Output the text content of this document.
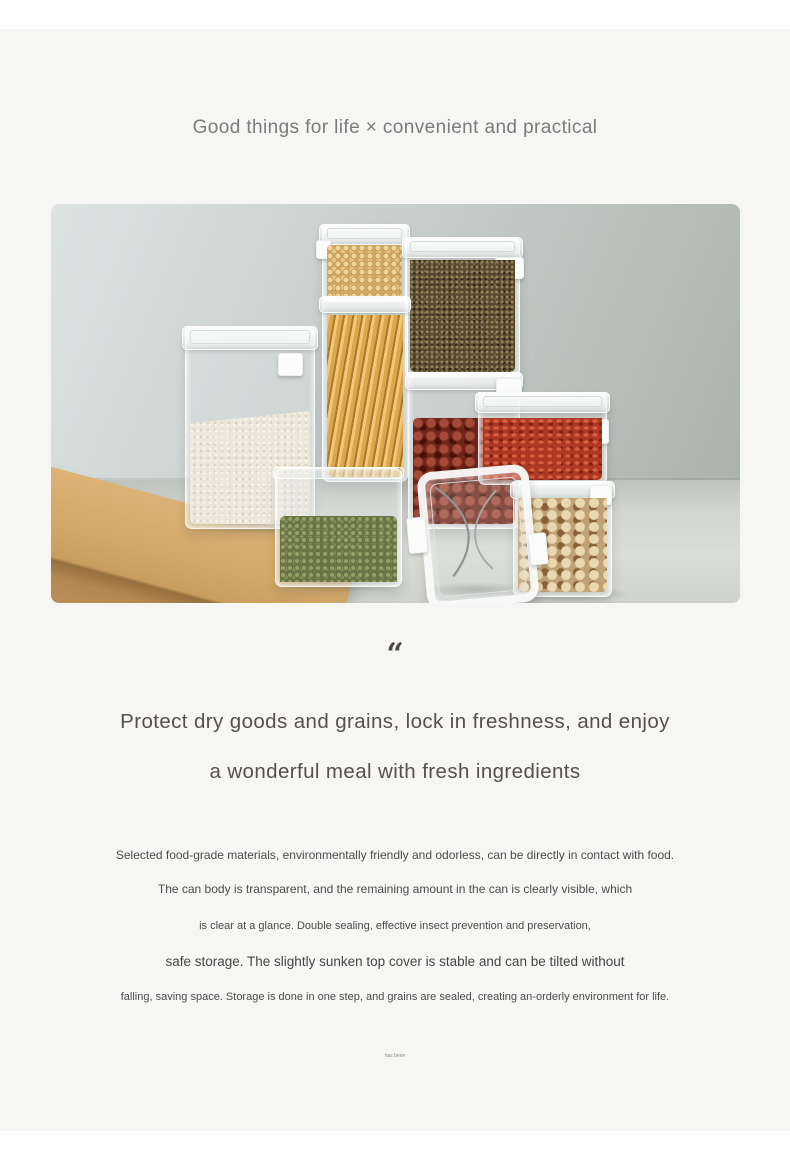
Good things for life × convenient and practical
“
Protect dry goods and grains, lock in freshness, and enjoy
a wonderful meal with fresh ingredients
Selected food-grade materials, environmentally friendly and odorless, can be directly in contact with food.
The can body is transparent, and the remaining amount in the can is clearly visible, which
is clear at a glance. Double sealing, effective insect prevention and preservation,
safe storage. The slightly sunken top cover is stable and can be tilted without
falling, saving space. Storage is done in one step, and grains are sealed, creating an-orderly environment for life.
has been
